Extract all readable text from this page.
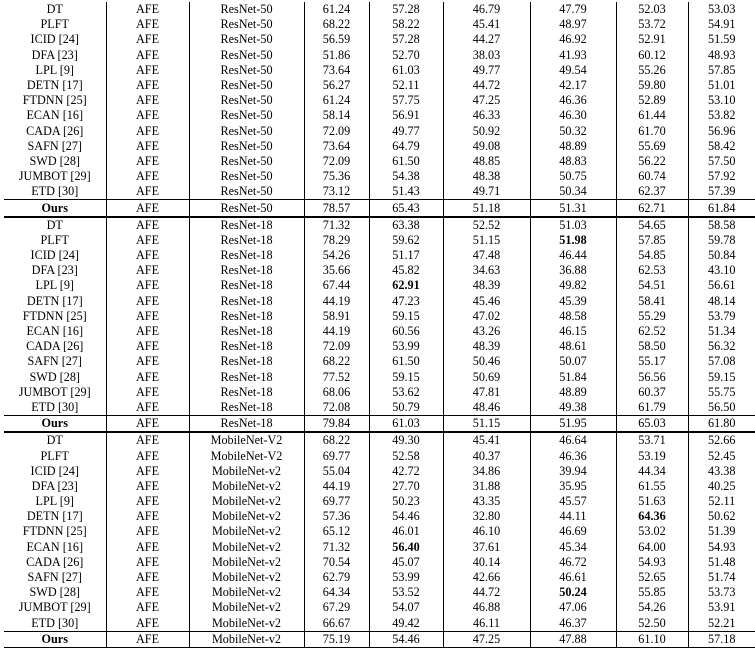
DT	AFE	ResNet-50	61.24	57.28	46.79	47.79	52.03	53.03
PLFT	AFE	ResNet-50	68.22	58.22	45.41	48.97	53.72	54.91
ICID [24]	AFE	ResNet-50	56.59	57.28	44.27	46.92	52.91	51.59
DFA [23]	AFE	ResNet-50	51.86	52.70	38.03	41.93	60.12	48.93
LPL [9]	AFE	ResNet-50	73.64	61.03	49.77	49.54	55.26	57.85
DETN [17]	AFE	ResNet-50	56.27	52.11	44.72	42.17	59.80	51.01
FTDNN [25]	AFE	ResNet-50	61.24	57.75	47.25	46.36	52.89	53.10
ECAN [16]	AFE	ResNet-50	58.14	56.91	46.33	46.30	61.44	53.82
CADA [26]	AFE	ResNet-50	72.09	49.77	50.92	50.32	61.70	56.96
SAFN [27]	AFE	ResNet-50	73.64	64.79	49.08	48.89	55.69	58.42
SWD [28]	AFE	ResNet-50	72.09	61.50	48.85	48.83	56.22	57.50
JUMBOT [29]	AFE	ResNet-50	75.36	54.38	48.38	50.75	60.74	57.92
ETD [30]	AFE	ResNet-50	73.12	51.43	49.71	50.34	62.37	57.39
Ours	AFE	ResNet-50	78.57	65.43	51.18	51.31	62.71	61.84
DT	AFE	ResNet-18	71.32	63.38	52.52	51.03	54.65	58.58
PLFT	AFE	ResNet-18	78.29	59.62	51.15	51.98	57.85	59.78
ICID [24]	AFE	ResNet-18	54.26	51.17	47.48	46.44	54.85	50.84
DFA [23]	AFE	ResNet-18	35.66	45.82	34.63	36.88	62.53	43.10
LPL [9]	AFE	ResNet-18	67.44	62.91	48.39	49.82	54.51	56.61
DETN [17]	AFE	ResNet-18	44.19	47.23	45.46	45.39	58.41	48.14
FTDNN [25]	AFE	ResNet-18	58.91	59.15	47.02	48.58	55.29	53.79
ECAN [16]	AFE	ResNet-18	44.19	60.56	43.26	46.15	62.52	51.34
CADA [26]	AFE	ResNet-18	72.09	53.99	48.39	48.61	58.50	56.32
SAFN [27]	AFE	ResNet-18	68.22	61.50	50.46	50.07	55.17	57.08
SWD [28]	AFE	ResNet-18	77.52	59.15	50.69	51.84	56.56	59.15
JUMBOT [29]	AFE	ResNet-18	68.06	53.62	47.81	48.89	60.37	55.75
ETD [30]	AFE	ResNet-18	72.08	50.79	48.46	49.38	61.79	56.50
Ours	AFE	ResNet-18	79.84	61.03	51.15	51.95	65.03	61.80
DT	AFE	MobileNet-V2	68.22	49.30	45.41	46.64	53.71	52.66
PLFT	AFE	MobileNet-V2	69.77	52.58	40.37	46.36	53.19	52.45
ICID [24]	AFE	MobileNet-v2	55.04	42.72	34.86	39.94	44.34	43.38
DFA [23]	AFE	MobileNet-v2	44.19	27.70	31.88	35.95	61.55	40.25
LPL [9]	AFE	MobileNet-v2	69.77	50.23	43.35	45.57	51.63	52.11
DETN [17]	AFE	MobileNet-v2	57.36	54.46	32.80	44.11	64.36	50.62
FTDNN [25]	AFE	MobileNet-v2	65.12	46.01	46.10	46.69	53.02	51.39
ECAN [16]	AFE	MobileNet-v2	71.32	56.40	37.61	45.34	64.00	54.93
CADA [26]	AFE	MobileNet-v2	70.54	45.07	40.14	46.72	54.93	51.48
SAFN [27]	AFE	MobileNet-v2	62.79	53.99	42.66	46.61	52.65	51.74
SWD [28]	AFE	MobileNet-v2	64.34	53.52	44.72	50.24	55.85	53.73
JUMBOT [29]	AFE	MobileNet-v2	67.29	54.07	46.88	47.06	54.26	53.91
ETD [30]	AFE	MobileNet-v2	66.67	49.42	46.11	46.37	52.50	52.21
Ours	AFE	MobileNet-v2	75.19	54.46	47.25	47.88	61.10	57.18
